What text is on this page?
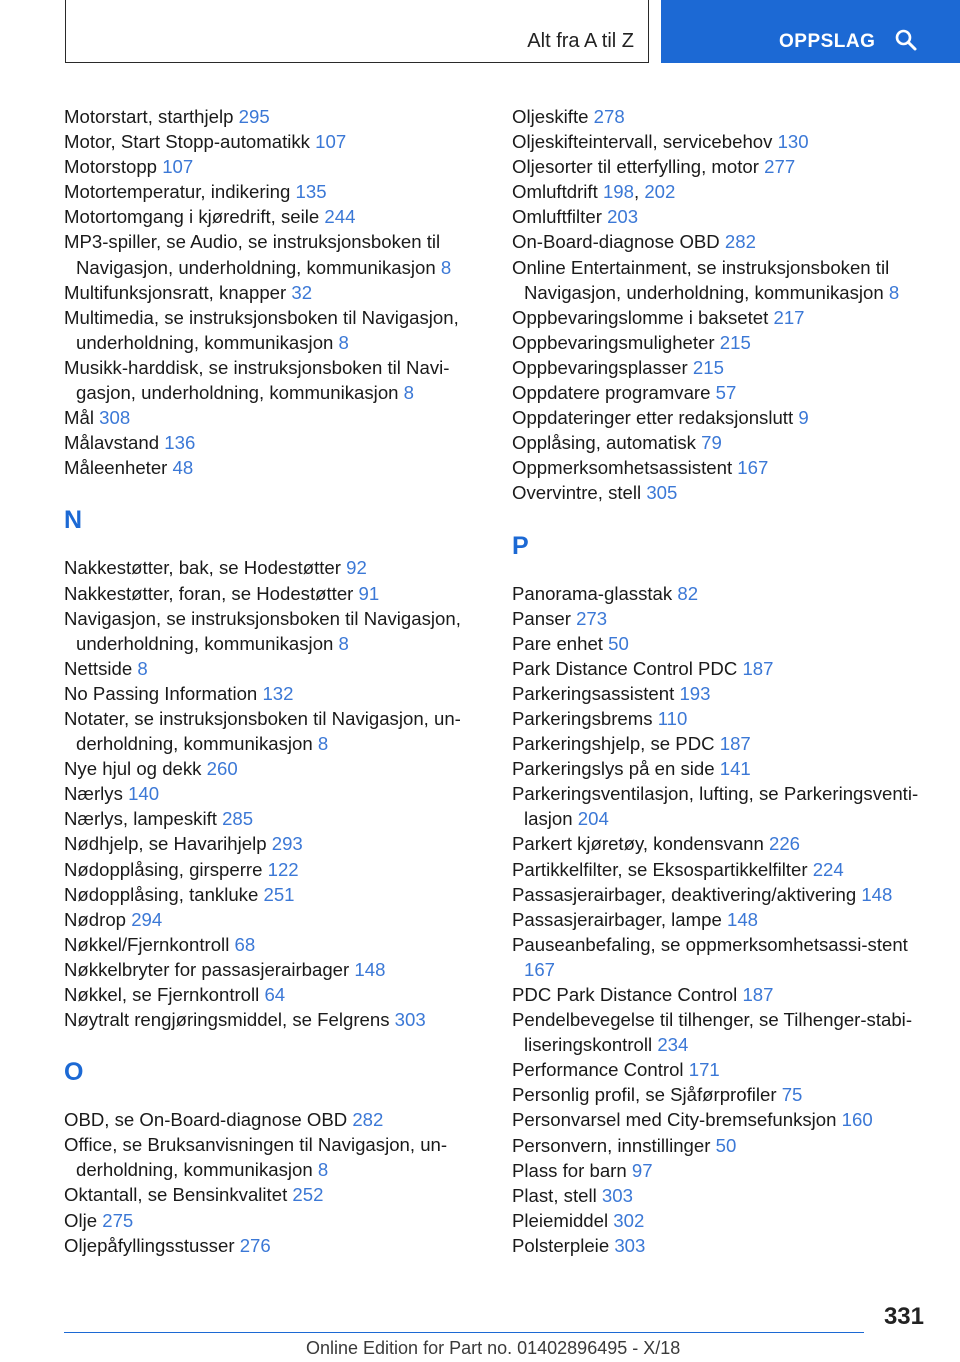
Alt fra A til Z	OPPSLAG
Motorstart, starthjelp 295
Motor, Start Stopp-automatikk 107
Motorstopp 107
Motortemperatur, indikering 135
Motortomgang i kjøredrift, seile 244
MP3-spiller, se Audio, se instruksjonsboken til Navigasjon, underholdning, kommunikasjon 8
Multifunksjonsratt, knapper 32
Multimedia, se instruksjonsboken til Navigasjon, underholdning, kommunikasjon 8
Musikk-harddisk, se instruksjonsboken til Navi-gasjon, underholdning, kommunikasjon 8
Mål 308
Målavstand 136
Måleenheter 48
N
Nakkestøtter, bak, se Hodestøtter 92
Nakkestøtter, foran, se Hodestøtter 91
Navigasjon, se instruksjonsboken til Navigasjon, underholdning, kommunikasjon 8
Nettside 8
No Passing Information 132
Notater, se instruksjonsboken til Navigasjon, un-derholdning, kommunikasjon 8
Nye hjul og dekk 260
Nærlys 140
Nærlys, lampeskift 285
Nødhjelp, se Havarihjelp 293
Nødopplåsing, girsperre 122
Nødopplåsing, tankluke 251
Nødrop 294
Nøkkel/Fjernkontroll 68
Nøkkelbryter for passasjerairbager 148
Nøkkel, se Fjernkontroll 64
Nøytralt rengjøringsmiddel, se Felgrens 303
O
OBD, se On-Board-diagnose OBD 282
Office, se Bruksanvisningen til Navigasjon, un-derholdning, kommunikasjon 8
Oktantall, se Bensinkvalitet 252
Olje 275
Oljepåfyllingsstusser 276
Oljeskifte 278
Oljeskifteintervall, servicebehov 130
Oljesorter til etterfylling, motor 277
Omluftdrift 198, 202
Omluftfilter 203
On-Board-diagnose OBD 282
Online Entertainment, se instruksjonsboken til Navigasjon, underholdning, kommunikasjon 8
Oppbevaringslomme i baksetet 217
Oppbevaringsmuligheter 215
Oppbevaringsplasser 215
Oppdatere programvare 57
Oppdateringer etter redaksjonslutt 9
Opplåsing, automatisk 79
Oppmerksomhetsassistent 167
Overvintre, stell 305
P
Panorama-glasstak 82
Panser 273
Pare enhet 50
Park Distance Control PDC 187
Parkeringsassistent 193
Parkeringsbrems 110
Parkeringshjelp, se PDC 187
Parkeringslys på en side 141
Parkeringsventilasjon, lufting, se Parkeringsventi-lasjon 204
Parkert kjøretøy, kondensvann 226
Partikkelfilter, se Eksospartikkelfilter 224
Passasjerairbager, deaktivering/aktivering 148
Passasjerairbager, lampe 148
Pauseanbefaling, se oppmerksomhetsassi-stent 167
PDC Park Distance Control 187
Pendelbevegelse til tilhenger, se Tilhenger-stabi-liseringskontroll 234
Performance Control 171
Personlig profil, se Sjåførprofiler 75
Personvarsel med City-bremsefunksjon 160
Personvern, innstillinger 50
Plass for barn 97
Plast, stell 303
Pleiemiddel 302
Polsterpleie 303
331
Online Edition for Part no. 01402896495 - X/18
